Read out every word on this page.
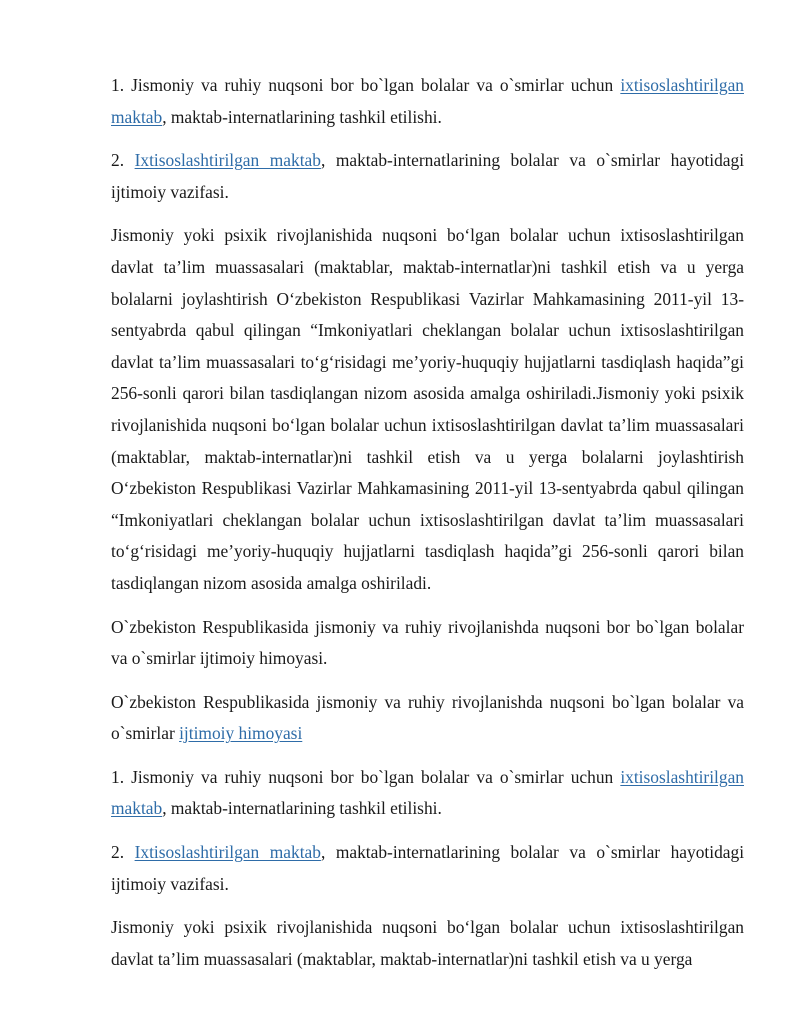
1. Jismoniy va ruhiy nuqsoni bor bo`lgan bolalar va o`smirlar uchun ixtisoslashtirilgan maktab, maktab-internatlarining tashkil etilishi.

2. Ixtisoslashtirilgan maktab, maktab-internatlarining bolalar va o`smirlar hayotidagi ijtimoiy vazifasi.

Jismoniy yoki psixik rivojlanishida nuqsoni bo‘lgan bolalar uchun ixtisoslashtirilgan davlat ta’lim muassasalari (maktablar, maktab-internatlar)ni tashkil etish va u yerga bolalarni joylashtirish O‘zbekiston Respublikasi Vazirlar Mahkamasining 2011-yil 13-sentyabrda qabul qilingan “Imkoniyatlari cheklangan bolalar uchun ixtisoslashtirilgan davlat ta’lim muassasalari to‘g‘risidagi me’yoriy-huquqiy hujjatlarni tasdiqlash haqida”gi 256-sonli qarori bilan tasdiqlangan nizom asosida amalga oshiriladi.Jismoniy yoki psixik rivojlanishida nuqsoni bo‘lgan bolalar uchun ixtisoslashtirilgan davlat ta’lim muassasalari (maktablar, maktab-internatlar)ni tashkil etish va u yerga bolalarni joylashtirish O‘zbekiston Respublikasi Vazirlar Mahkamasining 2011-yil 13-sentyabrda qabul qilingan “Imkoniyatlari cheklangan bolalar uchun ixtisoslashtirilgan davlat ta’lim muassasalari to‘g‘risidagi me’yoriy-huquqiy hujjatlarni tasdiqlash haqida”gi 256-sonli qarori bilan tasdiqlangan nizom asosida amalga oshiriladi.

O`zbekiston Respublikasida jismoniy va ruhiy rivojlanishda nuqsoni bor bo`lgan bolalar va o`smirlar ijtimoiy himoyasi.

O`zbekiston Respublikasida jismoniy va ruhiy rivojlanishda nuqsoni bo`lgan bolalar va o`smirlar ijtimoiy himoyasi

1. Jismoniy va ruhiy nuqsoni bor bo`lgan bolalar va o`smirlar uchun ixtisoslashtirilgan maktab, maktab-internatlarining tashkil etilishi.

2. Ixtisoslashtirilgan maktab, maktab-internatlarining bolalar va o`smirlar hayotidagi ijtimoiy vazifasi.

Jismoniy yoki psixik rivojlanishida nuqsoni bo‘lgan bolalar uchun ixtisoslashtirilgan davlat ta’lim muassasalari (maktablar, maktab-internatlar)ni tashkil etish va u yerga
